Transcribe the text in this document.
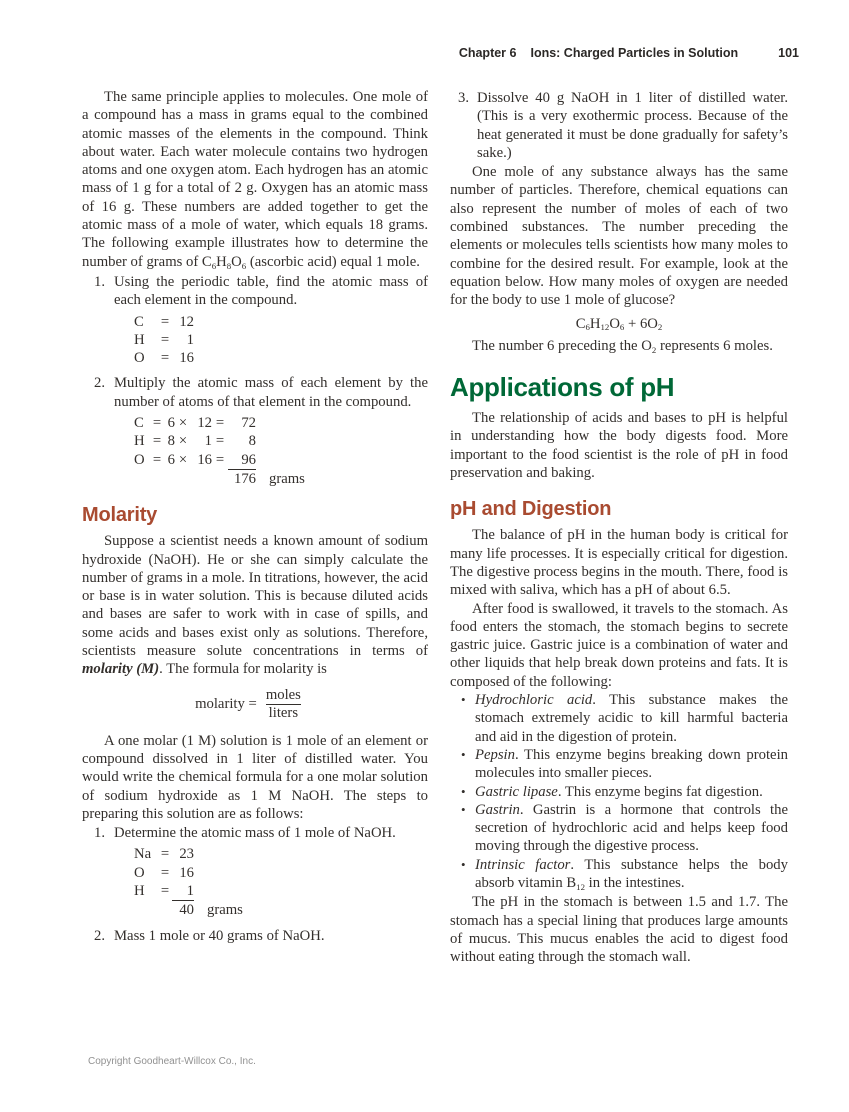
Chapter 6 Ions: Charged Particles in Solution	101

The same principle applies to molecules. One mole of a compound has a mass in grams equal to the combined atomic masses of the elements in the compound. Think about water. Each water molecule contains two hydrogen atoms and one oxygen atom. Each hydrogen has an atomic mass of 1 g for a total of 2 g. Oxygen has an atomic mass of 16 g. These numbers are added together to get the atomic mass of a mole of water, which equals 18 grams. The following example illustrates how to determine the number of grams of C6H8O6 (ascorbic acid) equal 1 mole.

1. Using the periodic table, find the atomic mass of each element in the compound.
C	= 12
H	=	1
O	= 16
2. Multiply the atomic mass of each element by the number of atoms of that element in the compound.
C = 6 × 12 =	72
H = 8 ×	1 =	8
O = 6 × 16 =	96
176 grams
Molarity

Suppose a scientist needs a known amount of sodium hydroxide (NaOH). He or she can simply calculate the number of grams in a mole. In titrations, however, the acid or base is in water solution. This is because diluted acids and bases are safer to work with in case of spills, and some acids and bases exist only as solutions. Therefore, scientists measure solute concentrations in terms of molarity (M). The formula for molarity is

molarity = $\frac{\text{moles}}{\text{liters}}$

A one molar (1 M) solution is 1 mole of an element or compound dissolved in 1 liter of distilled water. You would write the chemical formula for a one molar solution of sodium hydroxide as 1 M NaOH. The steps to preparing this solution are as follows:

1. Determine the atomic mass of 1 mole of NaOH.
Na = 23
O	= 16
H	=	1
40 grams
2. Mass 1 mole or 40 grams of NaOH.
3. Dissolve 40 g NaOH in 1 liter of distilled water. (This is a very exothermic process. Because of the heat generated it must be done gradually for safety’s sake.)

One mole of any substance always has the same number of particles. Therefore, chemical equations can also represent the number of moles of each of two combined substances. The number preceding the elements or molecules tells scientists how many moles to combine for the desired result. For example, look at the equation below. How many moles of oxygen are needed for the body to use 1 mole of glucose?

C6H12O6 + 6O2

The number 6 preceding the O2 represents 6 moles.

Applications of pH

The relationship of acids and bases to pH is helpful in understanding how the body digests food. More important to the food scientist is the role of pH in food preservation and baking.

pH and Digestion

The balance of pH in the human body is critical for many life processes. It is especially critical for digestion. The digestive process begins in the mouth. There, food is mixed with saliva, which has a pH of about 6.5.

After food is swallowed, it travels to the stomach. As food enters the stomach, the stomach begins to secrete gastric juice. Gastric juice is a combination of water and other liquids that help break down proteins and fats. It is composed of the following:

• Hydrochloric acid. This substance makes the stomach extremely acidic to kill harmful bacteria and aid in the digestion of protein.
• Pepsin. This enzyme begins breaking down protein molecules into smaller pieces.
• Gastric lipase. This enzyme begins fat digestion.
• Gastrin. Gastrin is a hormone that controls the secretion of hydrochloric acid and helps keep food moving through the digestive process.
• Intrinsic factor. This substance helps the body absorb vitamin B12 in the intestines.

The pH in the stomach is between 1.5 and 1.7. The stomach has a special lining that produces large amounts of mucus. This mucus enables the acid to digest food without eating through the stomach wall.

Copyright Goodheart-Willcox Co., Inc.
